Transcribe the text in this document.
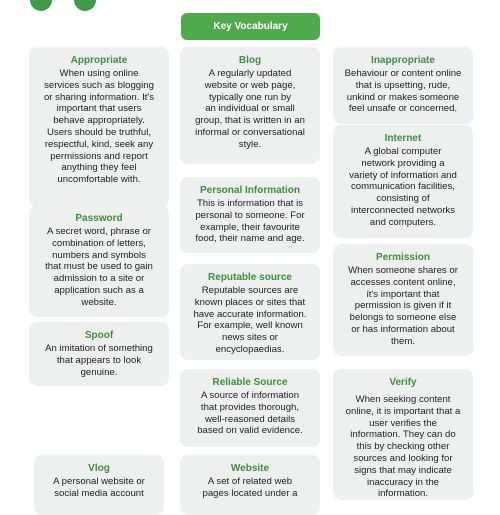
Key Vocabulary
Appropriate
When using online
services such as blogging
or sharing information. It's
important that users
behave appropriately.
Users should be truthful,
respectful, kind, seek any
permissions and report
anything they feel
uncomfortable with.
Password
A secret word, phrase or
combination of letters,
numbers and symbols
that must be used to gain
admission to a site or
application such as a
website.
Spoof
An imitation of something
that appears to look
genuine.
Vlog
A personal website or
social media account
Blog
A regularly updated
website or web page,
typically one run by
an individual or small
group, that is written in an
informal or conversational
style.
Personal Information
This is information that is
personal to someone. For
example, their favourite
food, their name and age.
Reputable source
Reputable sources are
known places or sites that
have accurate information.
For example, well known
news sites or
encyclopaedias.
Reliable Source
A source of information
that provides thorough,
well-reasoned details
based on valid evidence.
Website
A set of related web
pages located under a
Inappropriate
Behaviour or content online
that is upsetting, rude,
unkind or makes someone
feel unsafe or concerned.
Internet
A global computer
network providing a
variety of information and
communication facilities,
consisting of
interconnected networks
and computers.
Permission
When someone shares or
accesses content online,
it's important that
permission is given if it
belongs to someone else
or has information about
them.
Verify
When seeking content
online, it is important that a
user verifies the
information. They can do
this by checking other
sources and looking for
signs that may indicate
inaccuracy in the
information.
